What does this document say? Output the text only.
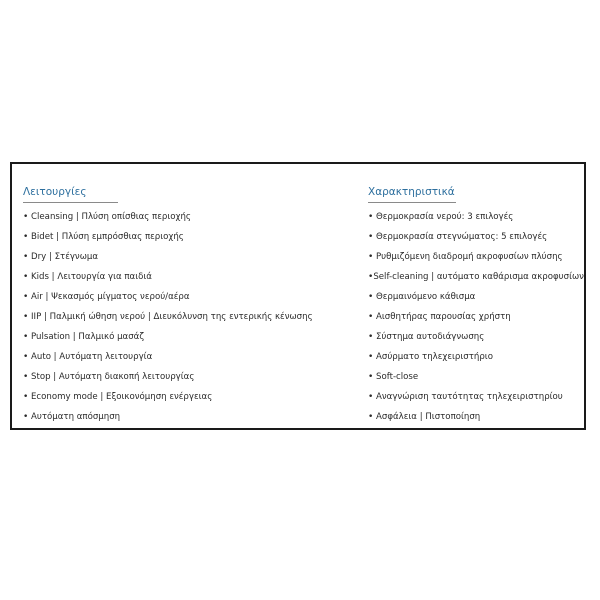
Λειτουργίες
• Cleansing | Πλύση οπίσθιας περιοχής
• Bidet | Πλύση εμπρόσθιας περιοχής
• Dry | Στέγνωμα
• Kids | Λειτουργία για παιδιά
• Air | Ψεκασμός μίγματος νερού/αέρα
• IIP | Παλμική ώθηση νερού | Διευκόλυνση της εντερικής κένωσης
• Pulsation | Παλμικό μασάζ
• Auto | Αυτόματη λειτουργία
• Stop | Αυτόματη διακοπή λειτουργίας
• Economy mode | Εξοικονόμηση ενέργειας
• Αυτόματη απόσμηση
Χαρακτηριστικά
• Θερμοκρασία νερού: 3 επιλογές
• Θερμοκρασία στεγνώματος: 5 επιλογές
• Ρυθμιζόμενη διαδρομή ακροφυσίων πλύσης
• Self-cleaning | αυτόματο καθάρισμα ακροφυσίων
• Θερμαινόμενο κάθισμα
• Αισθητήρας παρουσίας χρήστη
• Σύστημα αυτοδιάγνωσης
• Ασύρματο τηλεχειριστήριο
• Soft-close
• Αναγνώριση ταυτότητας τηλεχειριστηρίου
• Ασφάλεια | Πιστοποίηση
